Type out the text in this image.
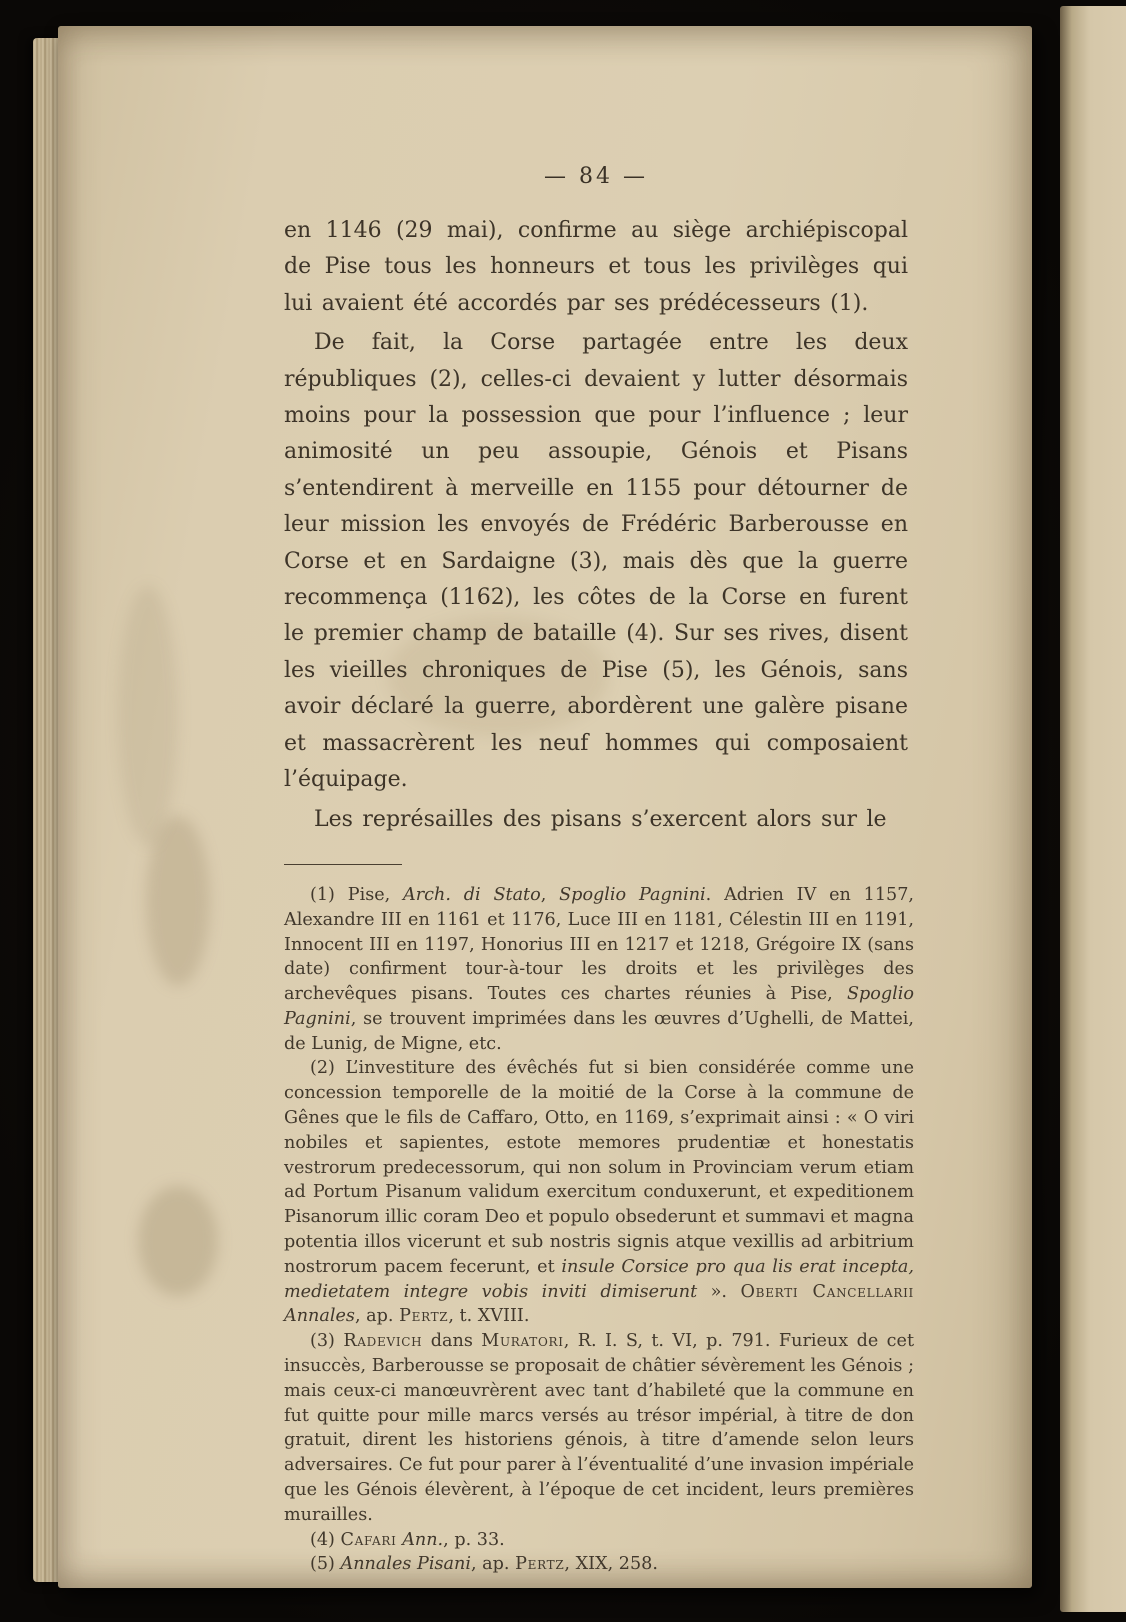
— 84 —

en 1146 (29 mai), confirme au siège archiépiscopal de Pise tous les honneurs et tous les privilèges qui lui avaient été accordés par ses prédécesseurs (1).

De fait, la Corse partagée entre les deux républiques (2), celles-ci devaient y lutter désormais moins pour la possession que pour l’influence ; leur animosité un peu assoupie, Génois et Pisans s’entendirent à merveille en 1155 pour détourner de leur mission les envoyés de Frédéric Barberousse en Corse et en Sardaigne (3), mais dès que la guerre recommença (1162), les côtes de la Corse en furent le premier champ de bataille (4). Sur ses rives, disent les vieilles chroniques de Pise (5), les Génois, sans avoir déclaré la guerre, abordèrent une galère pisane et massacrèrent les neuf hommes qui composaient l’équipage.

Les représailles des pisans s’exercent alors sur le

(1) Pise, Arch. di Stato, Spoglio Pagnini. Adrien IV en 1157, Alexandre III en 1161 et 1176, Luce III en 1181, Célestin III en 1191, Innocent III en 1197, Honorius III en 1217 et 1218, Grégoire IX (sans date) confirment tour-à-tour les droits et les privilèges des archevêques pisans. Toutes ces chartes réunies à Pise, Spoglio Pagnini, se trouvent imprimées dans les œuvres d’Ughelli, de Mattei, de Lunig, de Migne, etc.

(2) L’investiture des évêchés fut si bien considérée comme une concession temporelle de la moitié de la Corse à la commune de Gênes que le fils de Caffaro, Otto, en 1169, s’exprimait ainsi : « O viri nobiles et sapientes, estote memores prudentiæ et honestatis vestrorum predecessorum, qui non solum in Provinciam verum etiam ad Portum Pisanum validum exercitum conduxerunt, et expeditionem Pisanorum illic coram Deo et populo obsederunt et summavi et magna potentia illos vicerunt et sub nostris signis atque vexillis ad arbitrium nostrorum pacem fecerunt, et insule Corsice pro qua lis erat incepta, medietatem integre vobis inviti dimiserunt ». Oberti Cancellarii Annales, ap. Pertz, t. XVIII.

(3) Radevich dans Muratori, R. I. S, t. VI, p. 791. Furieux de cet insuccès, Barberousse se proposait de châtier sévèrement les Génois ; mais ceux-ci manœuvrèrent avec tant d’habileté que la commune en fut quitte pour mille marcs versés au trésor impérial, à titre de don gratuit, dirent les historiens génois, à titre d’amende selon leurs adversaires. Ce fut pour parer à l’éventualité d’une invasion impériale que les Génois élevèrent, à l’époque de cet incident, leurs premières murailles.

(4) Cafari Ann., p. 33.

(5) Annales Pisani, ap. Pertz, XIX, 258.
